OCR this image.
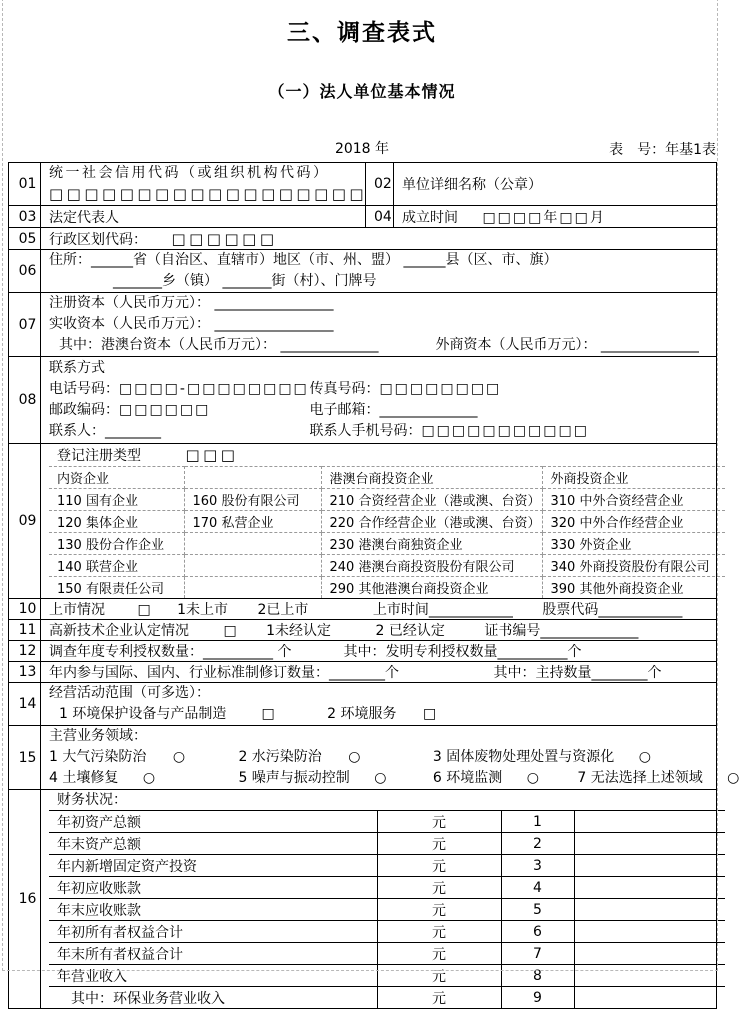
三、调查表式
（一）法人单位基本情况
2018 年	表　号：年基1表
01	
统一社会信用代码（或组织机构代码）
□□□□□□□□□□□□□□□□□□
	02	单位详细名称（公章）
03	法定代表人	04	成立时间 □□□□年□□月
05	行政区划代码： □□□□□□
06	
住所：______省（自治区、直辖市）地区（市、州、盟） ______县（区、市、旗）
_______乡（镇） _______街（村）、门牌号

07	
注册资本（人民币万元）： _________________
实收资本（人民币万元）： _________________
其中：港澳台资本（人民币万元）： ______________	外商资本（人民币万元）： ______________

08	
联系方式
电话号码：□□□□-□□□□□□□□ 传真号码：□□□□□□□□
邮政编码：□□□□□□	电子邮箱：______________
联系人：________	联系人手机号码：□□□□□□□□□□□

09	
登记注册类型	□□□
内资企业		港澳台商投资企业	外商投资企业
110 国有企业	160 股份有限公司	210 合资经营企业（港或澳、台资）	310 中外合资经营企业
120 集体企业	170 私营企业	220 合作经营企业（港或澳、台资）	320 中外合作经营企业
130 股份合作企业		230 港澳台商独资企业	330 外资企业
140 联营企业		240 港澳台商投资股份有限公司	340 外商投资股份有限公司
150 有限责任公司		290 其他港澳台商投资企业	390 其他外商投资企业

10	上市情况 □ 1未上市 2已上市	上市时间____________ 股票代码____________
11	高新技术企业认定情况 □ 1未经认定	2 已经认定	证书编号______________
12	调查年度专利授权数量：__________ 个	其中：发明专利授权数量__________个
13	年内参与国际、国内、行业标准制修订数量：________个	其中：主持数量________个
14	
经营活动范围（可多选）：
1 环境保护设备与产品制造	□	2 环境服务 □

15	
主营业务领域：
1 大气污染防治 ○	2 水污染防治 ○	3 固体废物处理处置与资源化 ○
4 土壤修复 ○	5 噪声与振动控制 ○	6 环境监测 ○	7 无法选择上述领域 ○

16	
财务状况：
年初资产总额	元	1	
年末资产总额	元	2	
年内新增固定资产投资	元	3	
年初应收账款	元	4	
年末应收账款	元	5	
年初所有者权益合计	元	6	
年末所有者权益合计	元	7	
年营业收入	元	8	
　其中：环保业务营业收入	元	9	
